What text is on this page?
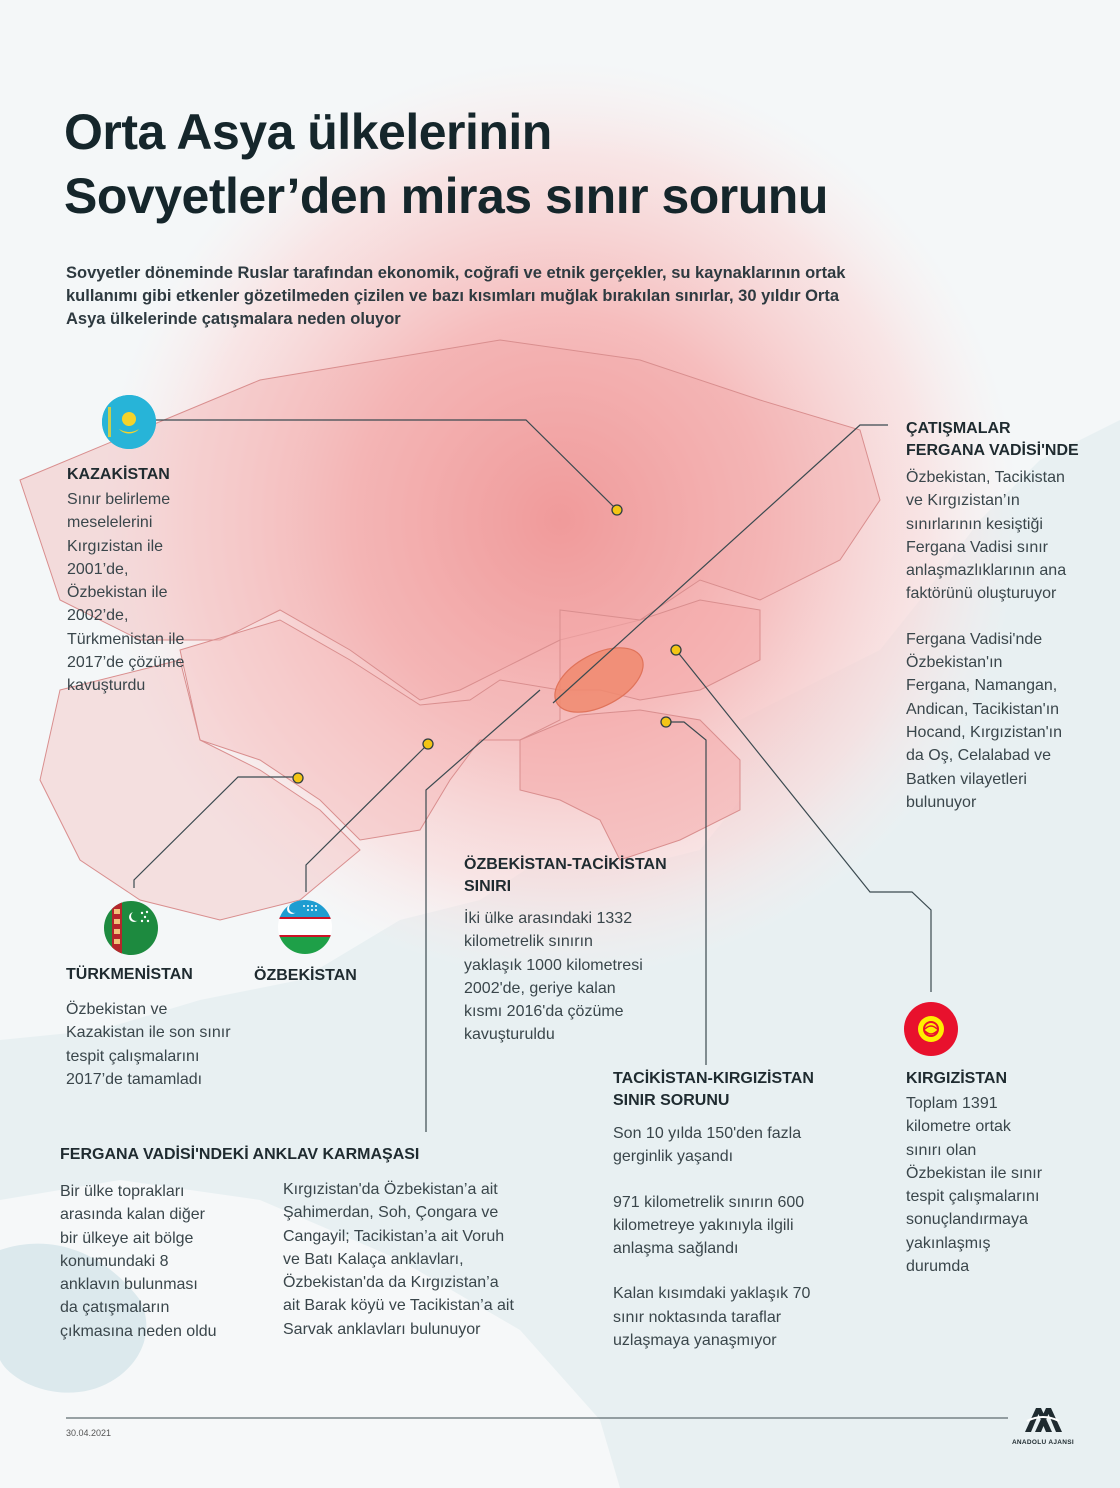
Orta Asya ülkelerinin
Sovyetler’den miras sınır sorunu

Sovyetler döneminde Ruslar tarafından ekonomik, coğrafi ve etnik gerçekler, su kaynaklarının ortak kullanımı gibi etkenler gözetilmeden çizilen ve bazı kısımları muğlak bırakılan sınırlar, 30 yıldır Orta Asya ülkelerinde çatışmalara neden oluyor

KAZAKİSTAN

Sınır belirleme
meselelerini
Kırgızistan ile
2001’de,
Özbekistan ile
2002’de,
Türkmenistan ile
2017’de çözüme
kavuşturdu

ÇATIŞMALAR

FERGANA VADİSİ'NDE

Özbekistan, Tacikistan
ve Kırgızistan’ın
sınırlarının kesiştiği
Fergana Vadisi sınır
anlaşmazlıklarının ana
faktörünü oluşturuyor

Fergana Vadisi'nde
Özbekistan'ın
Fergana, Namangan,
Andican, Tacikistan'ın
Hocand, Kırgızistan'ın
da Oş, Celalabad ve
Batken vilayetleri
bulunuyor

TÜRKMENİSTAN

Özbekistan ve
Kazakistan ile son sınır
tespit çalışmalarını
2017’de tamamladı

ÖZBEKİSTAN

ÖZBEKİSTAN-TACİKİSTAN

SINIRI

İki ülke arasındaki 1332
kilometrelik sınırın
yaklaşık 1000 kilometresi
2002'de, geriye kalan
kısmı 2016'da çözüme
kavuşturuldu

TACİKİSTAN-KIRGIZİSTAN

SINIR SORUNU

Son 10 yılda 150'den fazla
gerginlik yaşandı

971 kilometrelik sınırın 600
kilometreye yakınıyla ilgili
anlaşma sağlandı

Kalan kısımdaki yaklaşık 70
sınır noktasında taraflar
uzlaşmaya yanaşmıyor

KIRGIZİSTAN

Toplam 1391
kilometre ortak
sınırı olan
Özbekistan ile sınır
tespit çalışmalarını
sonuçlandırmaya
yakınlaşmış
durumda

FERGANA VADİSİ'NDEKİ ANKLAV KARMAŞASI

Bir ülke toprakları
arasında kalan diğer
bir ülkeye ait bölge
konumundaki 8
anklavın bulunması
da çatışmaların
çıkmasına neden oldu

Kırgızistan'da Özbekistan’a ait
Şahimerdan, Soh, Çongara ve
Cangayil; Tacikistan’a ait Voruh
ve Batı Kalaça anklavları,
Özbekistan'da da Kırgızistan’a
ait Barak köyü ve Tacikistan’a ait
Sarvak anklavları bulunuyor

30.04.2021
ANADOLU AJANSI
